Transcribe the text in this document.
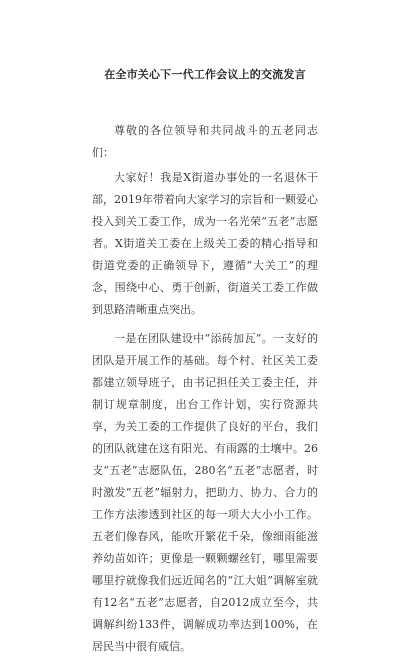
在全市关心下一代工作会议上的交流发言

尊敬的各位领导和共同战斗的五老同志们：

大家好！我是X街道办事处的一名退休干部，2019年带着向大家学习的宗旨和一颗爱心投入到关工委工作，成为一名光荣“五老”志愿者。X街道关工委在上级关工委的精心指导和街道党委的正确领导下，遵循“大关工”的理念，围绕中心、勇于创新，街道关工委工作做到思路清晰重点突出。

一是在团队建设中“添砖加瓦”。一支好的团队是开展工作的基础。每个村、社区关工委都建立领导班子，由书记担任关工委主任，并制订规章制度，出台工作计划，实行资源共享，为关工委的工作提供了良好的平台，我们的团队就建在这有阳光、有雨露的土壤中。26支“五老”志愿队伍，280名“五老”志愿者，时时激发“五老”辐射力，把助力、协力、合力的工作方法渗透到社区的每一项大大小小工作。五老们像春风，能吹开繁花千朵，像细雨能滋养幼苗如许；更像是一颗颗螺丝钉，哪里需要哪里拧就像我们远近闻名的“江大姐”调解室就有12名“五老”志愿者，自2012成立至今，共调解纠纷133件，调解成功率达到100%，在居民当中很有威信。
